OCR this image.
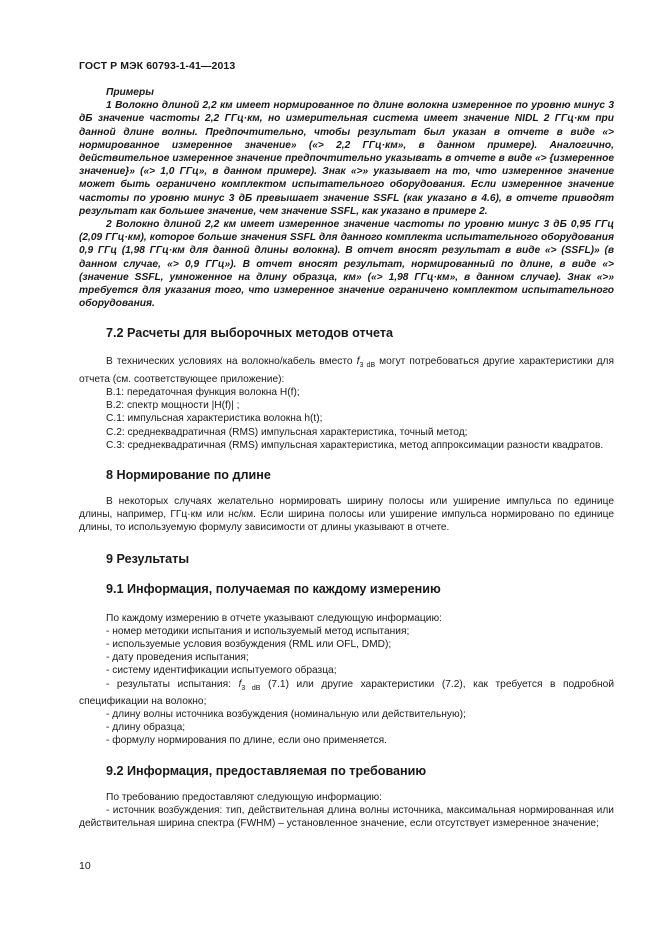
ГОСТ Р МЭК 60793-1-41—2013

Примеры

1 Волокно длиной 2,2 км имеет нормированное по длине волокна измеренное по уровню минус 3 дБ значение частоты 2,2 ГГц·км, но измерительная система имеет значение NIDL 2 ГГц·км при данной длине волны. Предпочтительно, чтобы результат был указан в отчете в виде «> нормированное измеренное значение» («> 2,2 ГГц·км», в данном примере). Аналогично, действительное измеренное значение предпочтительно указывать в отчете в виде «> {измеренное значение}» («> 1,0 ГГц», в данном примере). Знак «>» указывает на то, что измеренное значение может быть ограничено комплектом испытательного оборудования. Если измеренное значение частоты по уровню минус 3 дБ превышает значение SSFL (как указано в 4.6), в отчете приводят результат как большее значение, чем значение SSFL, как указано в примере 2.

2 Волокно длиной 2,2 км имеет измеренное значение частоты по уровню минус 3 дБ 0,95 ГГц (2,09 ГГц·км), которое больше значения SSFL для данного комплекта испытательного оборудования 0,9 ГГц (1,98 ГГц·км для данной длины волокна). В отчет вносят результат в виде «> (SSFL)» (в данном случае, «> 0,9 ГГц»). В отчет вносят результат, нормированный по длине, в виде «> (значение SSFL, умноженное на длину образца, км» («> 1,98 ГГц·км», в данном случае). Знак «>» требуется для указания того, что измеренное значение ограничено комплектом испытательного оборудования.

7.2 Расчеты для выборочных методов отчета

В технических условиях на волокно/кабель вместо $f_{3 dB}$ могут потребоваться другие характеристики для отчета (см. соответствующее приложение):

В.1: передаточная функция волокна H(f);

В.2: спектр мощности |H(f)| ;

С.1: импульсная характеристика волокна h(t);

С.2: среднеквадратичная (RMS) импульсная характеристика, точный метод;

С.3: среднеквадратичная (RMS) импульсная характеристика, метод аппроксимации разности квадратов.

8 Нормирование по длине

В некоторых случаях желательно нормировать ширину полосы или уширение импульса по единице длины, например, ГГц·км или нс/км. Если ширина полосы или уширение импульса нормировано по единице длины, то используемую формулу зависимости от длины указывают в отчете.

9 Результаты
9.1 Информация, получаемая по каждому измерению

По каждому измерению в отчете указывают следующую информацию:

- номер методики испытания и используемый метод испытания;

- используемые условия возбуждения (RML или OFL, DMD);

- дату проведения испытания;

- систему идентификации испытуемого образца;

- результаты испытания: $f_{3 dB}$ (7.1) или другие характеристики (7.2), как требуется в подробной спецификации на волокно;

- длину волны источника возбуждения (номинальную или действительную);

- длину образца;

- формулу нормирования по длине, если оно применяется.

9.2 Информация, предоставляемая по требованию

По требованию предоставляют следующую информацию:

- источник возбуждения: тип, действительная длина волны источника, максимальная нормированная или действительная ширина спектра (FWHM) – установленное значение, если отсутствует измеренное значение;

10
